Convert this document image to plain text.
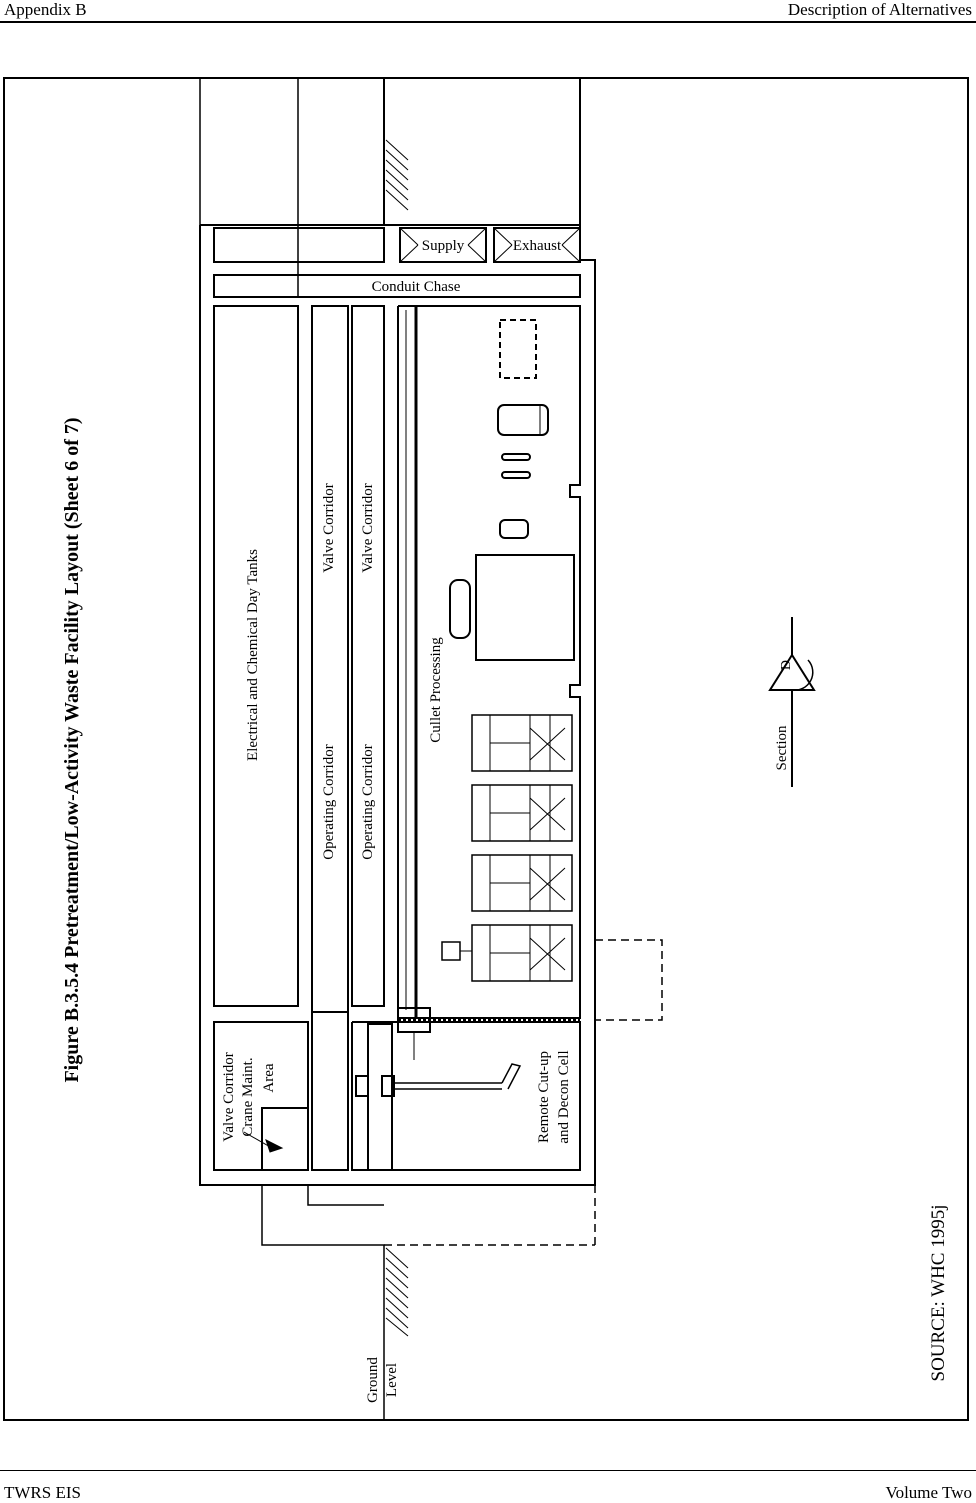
Appendix B	Description of Alternatives
Supply	Exhaust
Conduit Chase
Electrical and Chemical Day Tanks
Valve Corridor Valve Corridor
Operating Corridor Operating Corridor
Cullet Processing
Section
D
Valve Corridor Crane Maint. Area	Remote Cut-up and Decon Cell
Ground Level
Figure B.3.5.4 Pretreatment/Low-Activity Waste Facility Layout (Sheet 6 of 7)
SOURCE: WHC 1995j
TWRS EIS	Volume Two
